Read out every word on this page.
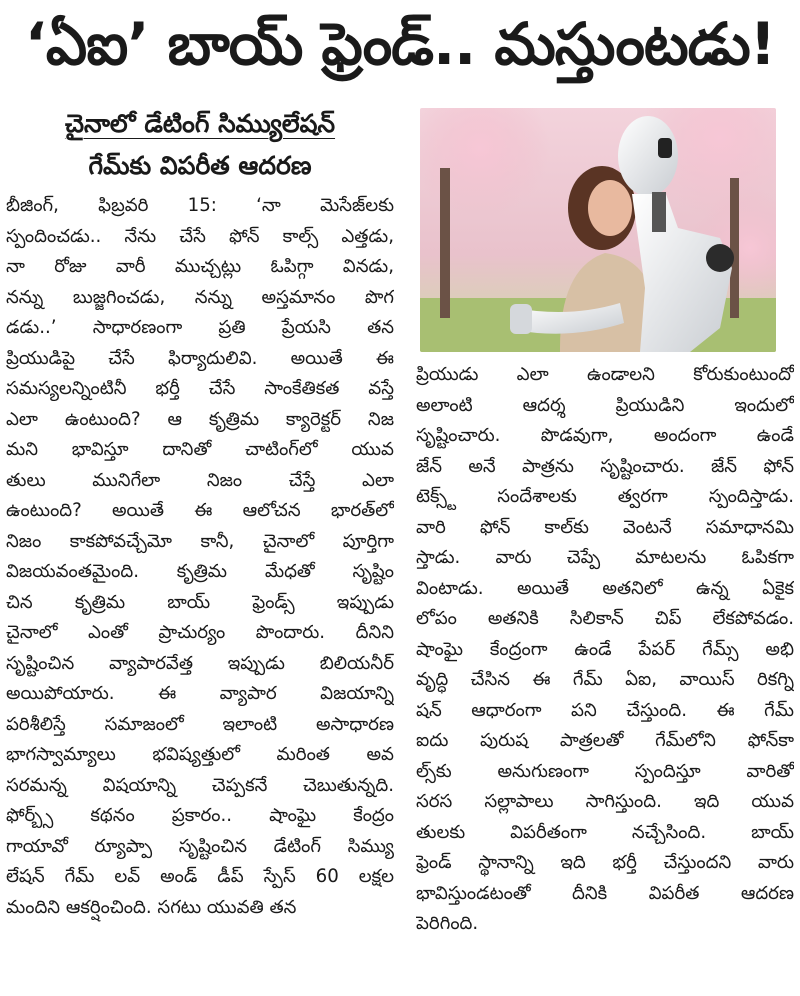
‘ఏఐ’ బాయ్ ఫ్రెండ్.. మస్తుంటడు!
చైనాలో డేటింగ్ సిమ్యులేషన్
గేమ్‌కు విపరీత ఆదరణ
బీజింగ్, ఫిబ్రవరి 15: ‘నా మెసేజ్‌లకు
స్పందించడు.. నేను చేసే ఫోన్ కాల్స్ ఎత్తడు,
నా రోజు వారీ ముచ్చట్లు ఓపిగ్గా వినడు,
నన్ను బుజ్జగించడు, నన్ను అస్తమానం పొగ
డడు..’ సాధారణంగా ప్రతి ప్రేయసి తన
ప్రియుడిపై చేసే ఫిర్యాదులివి. అయితే ఈ
సమస్యలన్నింటినీ భర్తీ చేసే సాంకేతికత వస్తే
ఎలా ఉంటుంది? ఆ కృత్రిమ క్యారెక్టర్ నిజ
మని భావిస్తూ దానితో చాటింగ్‌లో యువ
తులు మునిగేలా నిజం చేస్తే ఎలా
ఉంటుంది? అయితే ఈ ఆలోచన భారత్‌లో
నిజం కాకపోవచ్చేమో కానీ, చైనాలో పూర్తిగా
విజయవంతమైంది. కృత్రిమ మేధతో సృష్టిం
చిన కృత్రిమ బాయ్ ఫ్రెండ్స్ ఇప్పుడు
చైనాలో ఎంతో ప్రాచుర్యం పొందారు. దీనిని
సృష్టించిన వ్యాపారవేత్త ఇప్పుడు బిలియనీర్
అయిపోయారు. ఈ వ్యాపార విజయాన్ని
పరిశీలిస్తే సమాజంలో ఇలాంటి అసాధారణ
భాగస్వామ్యాలు భవిష్యత్తులో మరింత అవ
సరమన్న విషయాన్ని చెప్పకనే చెబుతున్నది.
ఫోర్బ్స్ కథనం ప్రకారం.. షాంఘై కేంద్రం
గాయావో ర్యూప్పా సృష్టించిన డేటింగ్ సిమ్యు
లేషన్ గేమ్ లవ్ అండ్ డీప్ స్పేస్ 60 లక్షల
మందిని ఆకర్షించింది. సగటు యువతి తన
ప్రియుడు ఎలా ఉండాలని కోరుకుంటుందో
అలాంటి ఆదర్శ ప్రియుడిని ఇందులో
సృష్టించారు. పొడవుగా, అందంగా ఉండే
జేన్ అనే పాత్రను సృష్టించారు. జేన్ ఫోన్
టెక్స్ట్ సందేశాలకు త్వరగా స్పందిస్తాడు.
వారి ఫోన్ కాల్‌కు వెంటనే సమాధానమి
స్తాడు. వారు చెప్పే మాటలను ఓపికగా
వింటాడు. అయితే అతనిలో ఉన్న ఏకైక
లోపం అతనికి సిలికాన్ చిప్ లేకపోవడం.
షాంఘై కేంద్రంగా ఉండే పేపర్ గేమ్స్ అభి
వృద్ధి చేసిన ఈ గేమ్ ఏఐ, వాయిస్ రికగ్ని
షన్ ఆధారంగా పని చేస్తుంది. ఈ గేమ్
ఐదు పురుష పాత్రలతో గేమ్‌లోని ఫోన్‌కా
ల్స్‌కు అనుగుణంగా స్పందిస్తూ వారితో
సరస సల్లాపాలు సాగిస్తుంది. ఇది యువ
తులకు విపరీతంగా నచ్చేసింది. బాయ్
ఫ్రెండ్ స్థానాన్ని ఇది భర్తీ చేస్తుందని వారు
భావిస్తుండటంతో దీనికి విపరీత ఆదరణ
పెరిగింది.
